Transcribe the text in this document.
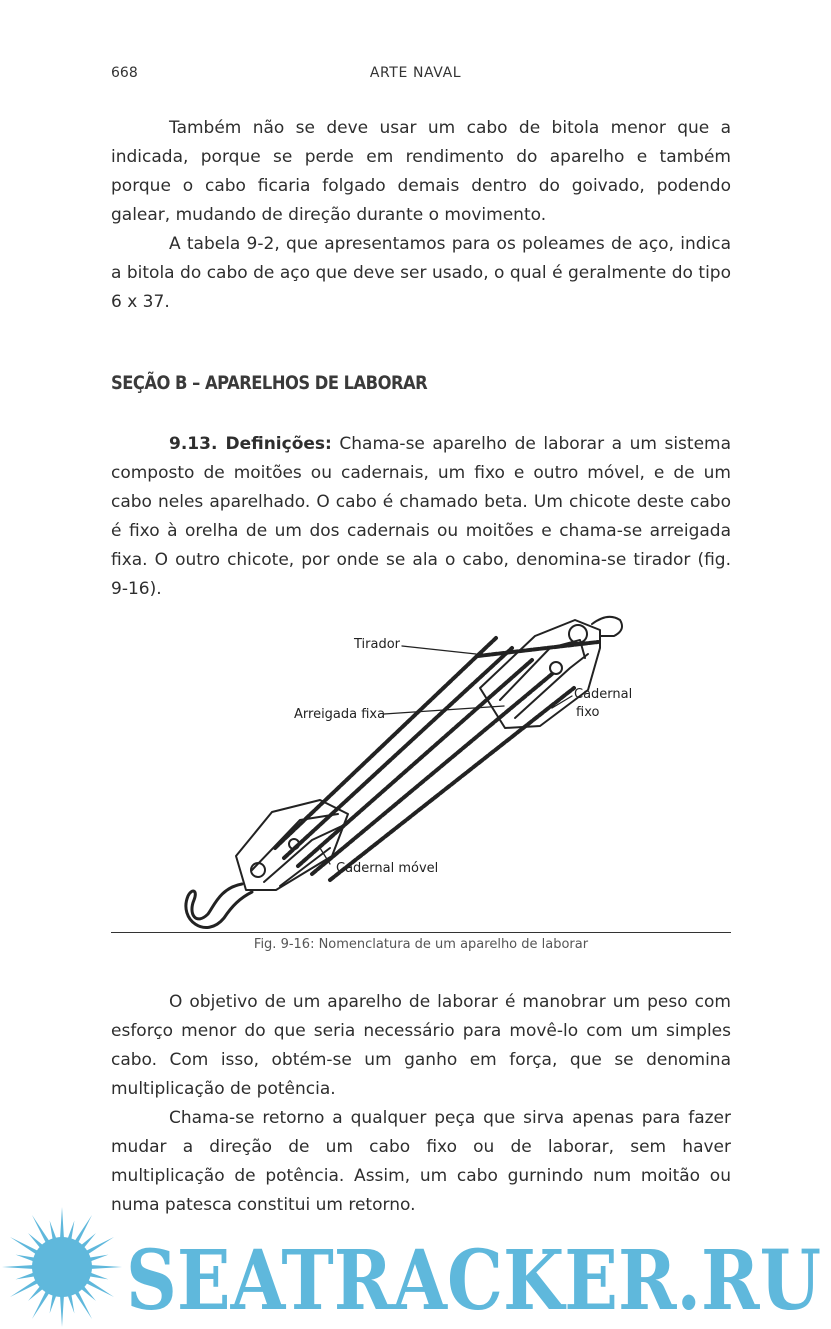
668	ARTE NAVAL

Também não se deve usar um cabo de bitola menor que a indicada, porque se perde em rendimento do aparelho e também porque o cabo ficaria folgado demais dentro do goivado, podendo galear, mudando de direção durante o movimento.

A tabela 9-2, que apresentamos para os poleames de aço, indica a bitola do cabo de aço que deve ser usado, o qual é geralmente do tipo 6 x 37.

SEÇÃO B – APARELHOS DE LABORAR

9.13. Definições: Chama-se aparelho de laborar a um sistema composto de moitões ou cadernais, um fixo e outro móvel, e de um cabo neles aparelhado. O cabo é chamado beta. Um chicote deste cabo é fixo à orelha de um dos cadernais ou moitões e chama-se arreigada fixa. O outro chicote, por onde se ala o cabo, denomina-se tirador (fig. 9-16).

Tirador
Arreigada fixa
Cadernal
fixo
Cadernal móvel
Fig. 9-16: Nomenclatura de um aparelho de laborar

O objetivo de um aparelho de laborar é manobrar um peso com esforço menor do que seria necessário para movê-lo com um simples cabo. Com isso, obtém-se um ganho em força, que se denomina multiplicação de potência.

Chama-se retorno a qualquer peça que sirva apenas para fazer mudar a direção de um cabo fixo ou de laborar, sem haver multiplicação de potência. Assim, um cabo gurnindo num moitão ou numa patesca constitui um retorno.

SEATRACKER.RU
